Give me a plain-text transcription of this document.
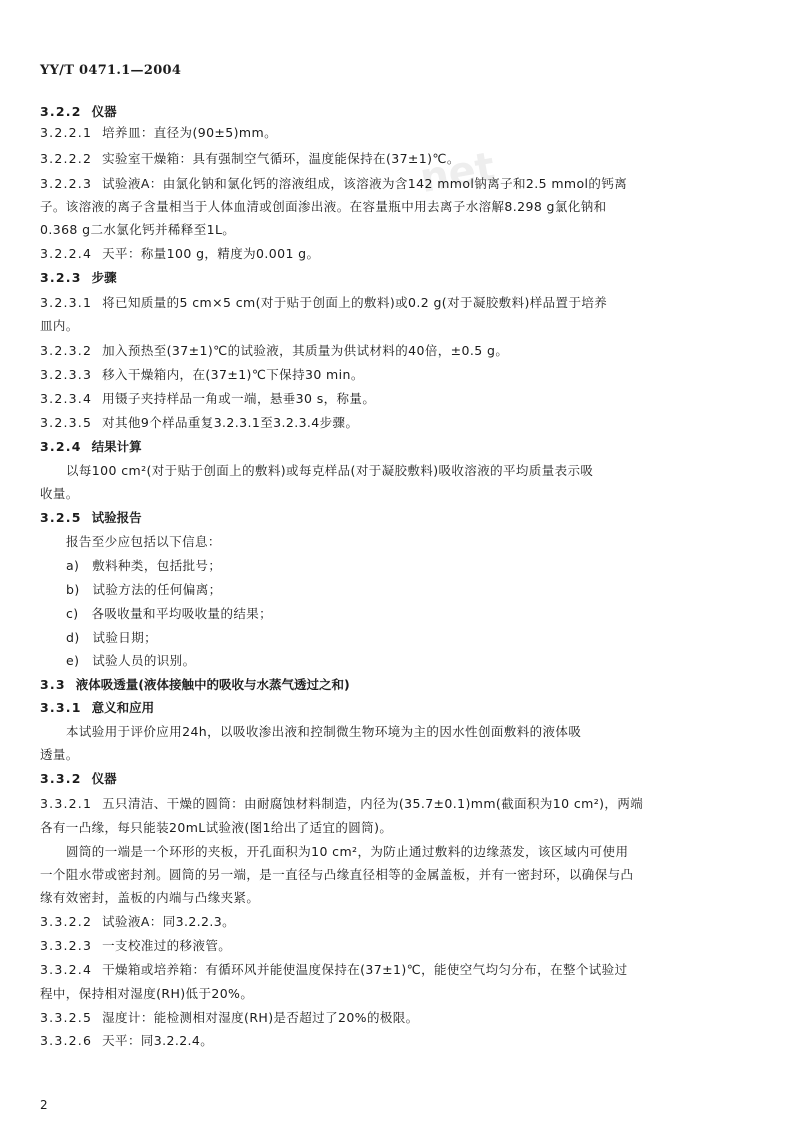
net
YY/T 0471.1—2004
3.2.2 仪器
3.2.2.1 培养皿：直径为(90±5)mm。
3.2.2.2 实验室干燥箱：具有强制空气循环，温度能保持在(37±1)℃。
3.2.2.3 试验液A：由氯化钠和氯化钙的溶液组成，该溶液为含142 mmol钠离子和2.5 mmol的钙离
子。该溶液的离子含量相当于人体血清或创面渗出液。在容量瓶中用去离子水溶解8.298 g氯化钠和
0.368 g二水氯化钙并稀释至1L。
3.2.2.4 天平：称量100 g，精度为0.001 g。
3.2.3 步骤
3.2.3.1 将已知质量的5 cm×5 cm(对于贴于创面上的敷料)或0.2 g(对于凝胶敷料)样品置于培养
皿内。
3.2.3.2 加入预热至(37±1)℃的试验液，其质量为供试材料的40倍，±0.5 g。
3.2.3.3 移入干燥箱内，在(37±1)℃下保持30 min。
3.2.3.4 用镊子夹持样品一角或一端，悬垂30 s，称量。
3.2.3.5 对其他9个样品重复3.2.3.1至3.2.3.4步骤。
3.2.4 结果计算
以每100 cm²(对于贴于创面上的敷料)或每克样品(对于凝胶敷料)吸收溶液的平均质量表示吸
收量。
3.2.5 试验报告
报告至少应包括以下信息：
a)　敷料种类，包括批号；
b)　试验方法的任何偏离；
c)　各吸收量和平均吸收量的结果；
d)　试验日期；
e)　试验人员的识别。
3.3 液体吸透量(液体接触中的吸收与水蒸气透过之和)
3.3.1 意义和应用
本试验用于评价应用24h，以吸收渗出液和控制微生物环境为主的因水性创面敷料的液体吸
透量。
3.3.2 仪器
3.3.2.1 五只清洁、干燥的圆筒：由耐腐蚀材料制造，内径为(35.7±0.1)mm(截面积为10 cm²)，两端
各有一凸缘，每只能装20mL试验液(图1给出了适宜的圆筒)。
圆筒的一端是一个环形的夹板，开孔面积为10 cm²，为防止通过敷料的边缘蒸发，该区域内可使用
一个阻水带或密封剂。圆筒的另一端，是一直径与凸缘直径相等的金属盖板，并有一密封环，以确保与凸
缘有效密封，盖板的内端与凸缘夹紧。
3.3.2.2 试验液A：同3.2.2.3。
3.3.2.3 一支校准过的移液管。
3.3.2.4 干燥箱或培养箱：有循环风并能使温度保持在(37±1)℃，能使空气均匀分布，在整个试验过
程中，保持相对湿度(RH)低于20%。
3.3.2.5 湿度计：能检测相对湿度(RH)是否超过了20%的极限。
3.3.2.6 天平：同3.2.2.4。
2
